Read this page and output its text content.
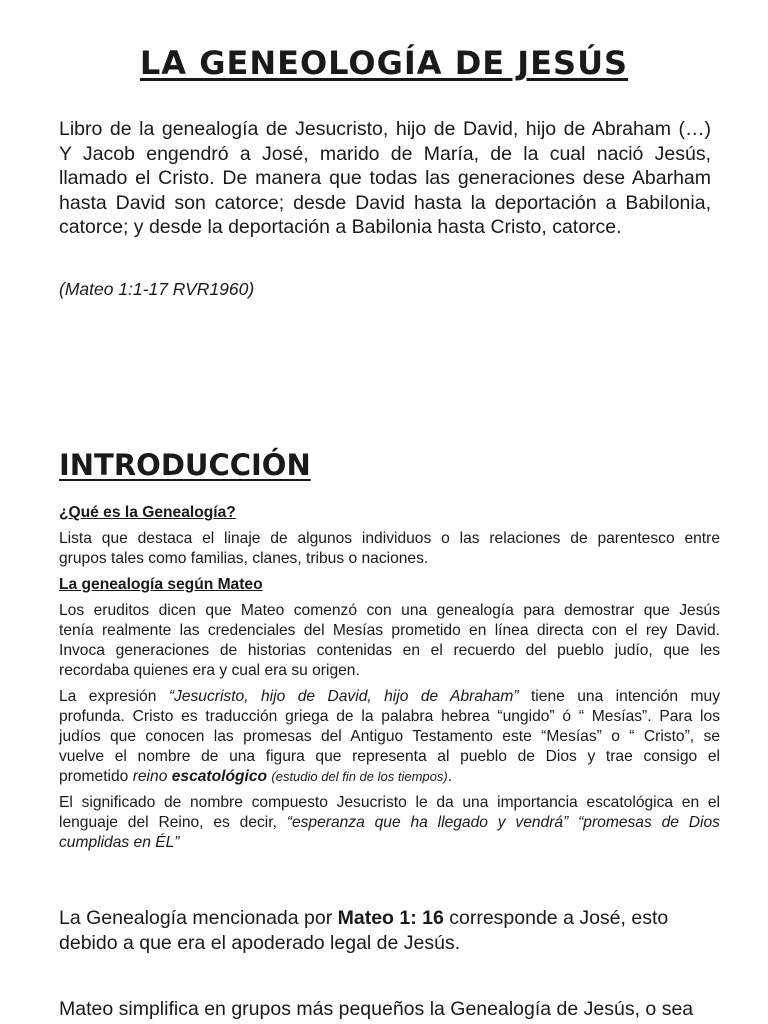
LA GENEOLOGÍA DE JESÚS

Libro de la genealogía de Jesucristo, hijo de David, hijo de Abraham (…)
Y Jacob engendró a José, marido de María, de la cual nació Jesús,
llamado el Cristo. De manera que todas las generaciones dese Abarham
hasta David son catorce; desde David hasta la deportación a Babilonia,
catorce; y desde la deportación a Babilonia hasta Cristo, catorce.

(Mateo 1:1-17 RVR1960)

INTRODUCCIÓN

¿Qué es la Genealogía?

Lista que destaca el linaje de algunos individuos o las relaciones de parentesco entre
grupos tales como familias, clanes, tribus o naciones.

La genealogía según Mateo

Los eruditos dicen que Mateo comenzó con una genealogía para demostrar que Jesús
tenía realmente las credenciales del Mesías prometido en línea directa con el rey David.
Invoca generaciones de historias contenidas en el recuerdo del pueblo judío, que les
recordaba quienes era y cual era su origen.

La expresión “Jesucristo, hijo de David, hijo de Abraham” tiene una intención muy
profunda. Cristo es traducción griega de la palabra hebrea “ungido” ó “ Mesías”. Para los
judíos que conocen las promesas del Antiguo Testamento este “Mesías” o “ Cristo”, se
vuelve el nombre de una figura que representa al pueblo de Dios y trae consigo el
prometido reino escatológico (estudio del fin de los tiempos).

El significado de nombre compuesto Jesucristo le da una importancia escatológica en el
lenguaje del Reino, es decir, “esperanza que ha llegado y vendrá” “promesas de Dios
cumplidas en ÉL”

La Genealogía mencionada por Mateo 1: 16 corresponde a José, esto
debido a que era el apoderado legal de Jesús.

Mateo simplifica en grupos más pequeños la Genealogía de Jesús, o sea
